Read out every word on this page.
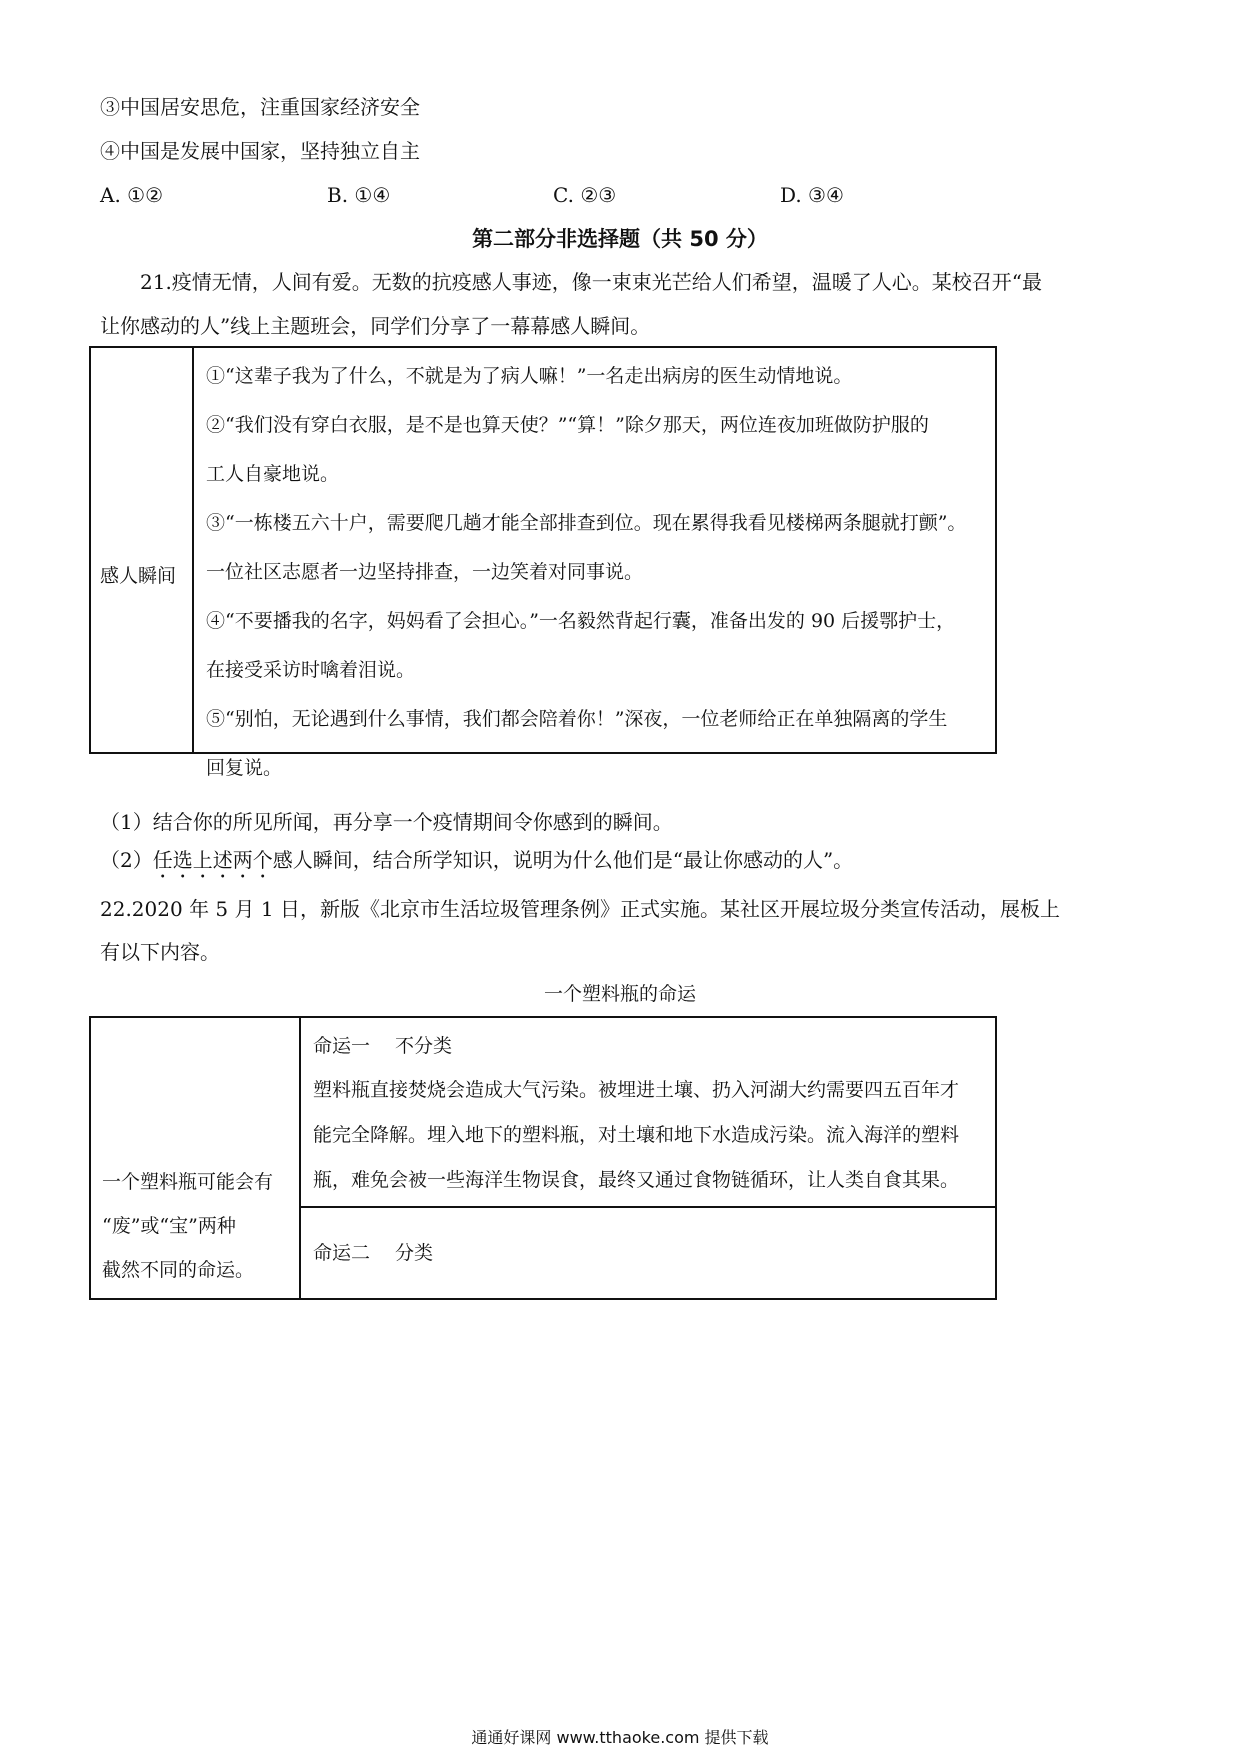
③中国居安思危，注重国家经济安全
④中国是发展中国家，坚持独立自主
A. ①②	B. ①④	C. ②③	D. ③④
第二部分非选择题（共 50 分）
21.疫情无情，人间有爱。无数的抗疫感人事迹，像一束束光芒给人们希望，温暖了人心。某校召开“最
让你感动的人”线上主题班会，同学们分享了一幕幕感人瞬间。
感人瞬间
①“这辈子我为了什么，不就是为了病人嘛！”一名走出病房的医生动情地说。
②“我们没有穿白衣服，是不是也算天使？”“算！”除夕那天，两位连夜加班做防护服的
工人自豪地说。
③“一栋楼五六十户，需要爬几趟才能全部排查到位。现在累得我看见楼梯两条腿就打颤”。
一位社区志愿者一边坚持排查，一边笑着对同事说。
④“不要播我的名字，妈妈看了会担心。”一名毅然背起行囊，准备出发的 90 后援鄂护士，
在接受采访时噙着泪说。
⑤“别怕，无论遇到什么事情，我们都会陪着你！”深夜，一位老师给正在单独隔离的学生
回复说。
（1）结合你的所见所闻，再分享一个疫情期间令你感到的瞬间。
（2）任选上述两个感人瞬间，结合所学知识，说明为什么他们是“最让你感动的人”。
22.2020 年 5 月 1 日，新版《北京市生活垃圾管理条例》正式实施。某社区开展垃圾分类宣传活动，展板上
有以下内容。
一个塑料瓶的命运
一个塑料瓶可能会有
“废”或“宝”两种
截然不同的命运。
命运一　 不分类
塑料瓶直接焚烧会造成大气污染。被埋进土壤、扔入河湖大约需要四五百年才
能完全降解。埋入地下的塑料瓶，对土壤和地下水造成污染。流入海洋的塑料
瓶，难免会被一些海洋生物误食，最终又通过食物链循环，让人类自食其果。
命运二　 分类
通通好课网 www.tthaoke.com 提供下载
